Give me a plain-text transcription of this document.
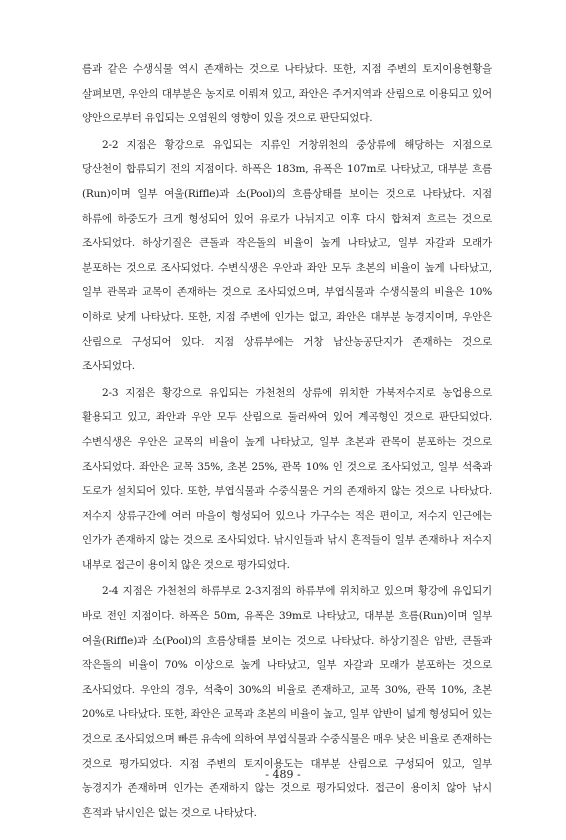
름과 같은 수생식물 역시 존재하는 것으로 나타났다. 또한, 지점 주변의 토지이용현황을 살펴보면, 우안의 대부분은 농지로 이뤄져 있고, 좌안은 주거지역과 산림으로 이용되고 있어 양안으로부터 유입되는 오염원의 영향이 있을 것으로 판단되었다.

2-2 지점은 황강으로 유입되는 지류인 거창위천의 중상류에 해당하는 지점으로 당산천이 합류되기 전의 지점이다. 하폭은 183m, 유폭은 107m로 나타났고, 대부분 흐름(Run)이며 일부 여울(Riffle)과 소(Pool)의 흐름상태를 보이는 것으로 나타났다. 지점 하류에 하중도가 크게 형성되어 있어 유로가 나뉘지고 이후 다시 합쳐져 흐르는 것으로 조사되었다. 하상기질은 큰돌과 작은돌의 비율이 높게 나타났고, 일부 자갈과 모래가 분포하는 것으로 조사되었다. 수변식생은 우안과 좌안 모두 초본의 비율이 높게 나타났고, 일부 관목과 교목이 존재하는 것으로 조사되었으며, 부엽식물과 수생식물의 비율은 10% 이하로 낮게 나타났다. 또한, 지점 주변에 인가는 없고, 좌안은 대부분 농경지이며, 우안은 산림으로 구성되어 있다. 지점 상류부에는 거창 남산농공단지가 존재하는 것으로 조사되었다.

2-3 지점은 황강으로 유입되는 가천천의 상류에 위치한 가북저수지로 농업용으로 활용되고 있고, 좌안과 우안 모두 산림으로 둘러싸여 있어 계곡형인 것으로 판단되었다. 수변식생은 우안은 교목의 비율이 높게 나타났고, 일부 초본과 관목이 분포하는 것으로 조사되었다. 좌안은 교목 35%, 초본 25%, 관목 10% 인 것으로 조사되었고, 일부 석축과 도로가 설치되어 있다. 또한, 부엽식물과 수중식물은 거의 존재하지 않는 것으로 나타났다. 저수지 상류구간에 여러 마을이 형성되어 있으나 가구수는 적은 편이고, 저수지 인근에는 인가가 존재하지 않는 것으로 조사되었다. 낚시인들과 낚시 흔적들이 일부 존재하나 저수지 내부로 접근이 용이치 않은 것으로 평가되었다.

2-4 지점은 가천천의 하류부로 2-3지점의 하류부에 위치하고 있으며 황강에 유입되기 바로 전인 지점이다. 하폭은 50m, 유폭은 39m로 나타났고, 대부분 흐름(Run)이며 일부 여울(Riffle)과 소(Pool)의 흐름상태를 보이는 것으로 나타났다. 하상기질은 암반, 큰돌과 작은돌의 비율이 70% 이상으로 높게 나타났고, 일부 자갈과 모래가 분포하는 것으로 조사되었다. 우안의 경우, 석축이 30%의 비율로 존재하고, 교목 30%, 관목 10%, 초본 20%로 나타났다. 또한, 좌안은 교목과 초본의 비율이 높고, 일부 암반이 넓게 형성되어 있는 것으로 조사되었으며 빠른 유속에 의하여 부엽식물과 수중식물은 매우 낮은 비율로 존재하는 것으로 평가되었다. 지점 주변의 토지이용도는 대부분 산림으로 구성되어 있고, 일부 농경지가 존재하며 인가는 존재하지 않는 것으로 평가되었다. 접근이 용이치 않아 낚시 흔적과 낚시인은 없는 것으로 나타났다.

- 489 -
